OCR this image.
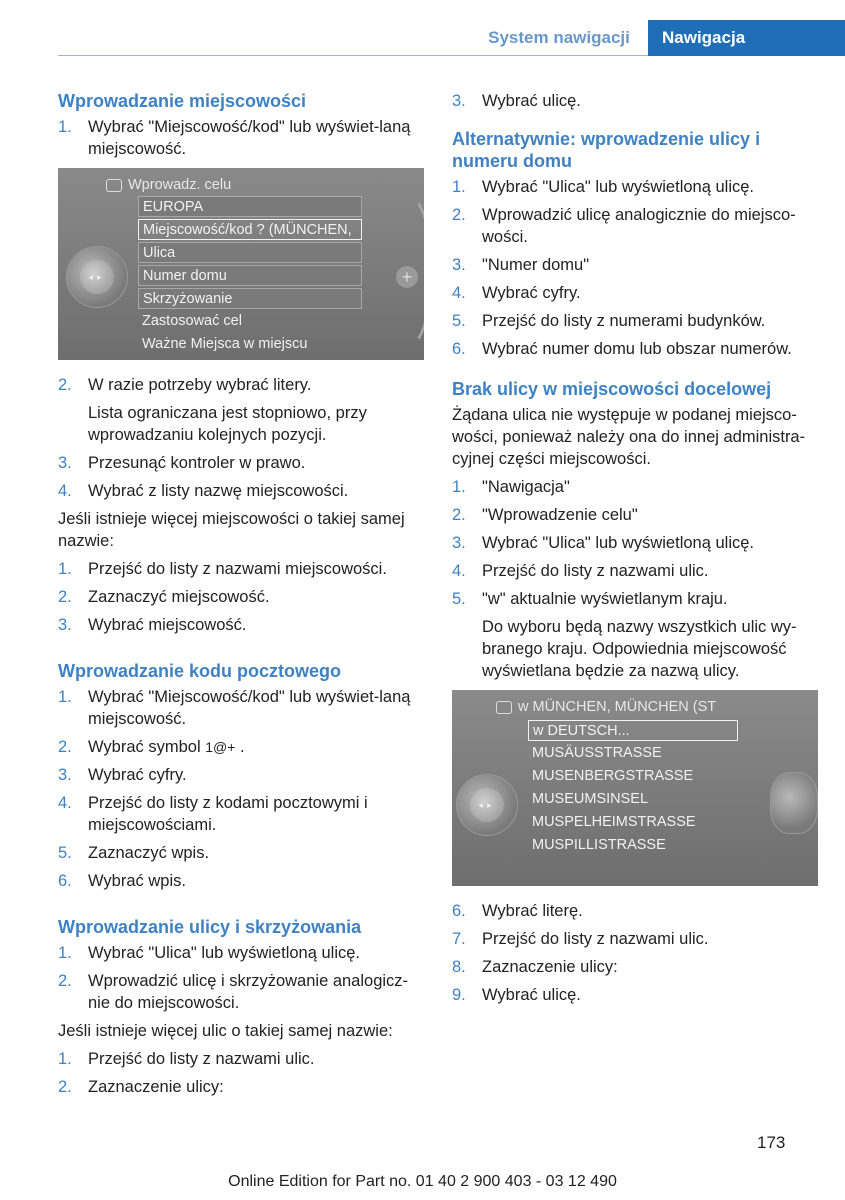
System nawigacji	Nawigacja
Wprowadzanie miejscowości
1. Wybrać "Miejscowość/kod" lub wyświet-laną miejscowość.
Wprowadz. celu
◂▸	+
EUROPA
Miejscowość/kod ? (MÜNCHEN,
Ulica
Numer domu
Skrzyżowanie
Zastosować cel
Ważne Miejsca w miejscu
2. W razie potrzeby wybrać litery.

Lista ograniczana jest stopniowo, przy wprowadzaniu kolejnych pozycji.

3. Przesunąć kontroler w prawo.
4. Wybrać z listy nazwę miejscowości.

Jeśli istnieje więcej miejscowości o takiej samej nazwie:

1. Przejść do listy z nazwami miejscowości.
2. Zaznaczyć miejscowość.
3. Wybrać miejscowość.
Wprowadzanie kodu pocztowego
1. Wybrać "Miejscowość/kod" lub wyświet-laną miejscowość.
2. Wybrać symbol 1@+ .
3. Wybrać cyfry.
4. Przejść do listy z kodami pocztowymi i miejscowościami.
5. Zaznaczyć wpis.
6. Wybrać wpis.
Wprowadzanie ulicy i skrzyżowania
1. Wybrać "Ulica" lub wyświetloną ulicę.
2. Wprowadzić ulicę i skrzyżowanie analogicz-nie do miejscowości.

Jeśli istnieje więcej ulic o takiej samej nazwie:

1. Przejść do listy z nazwami ulic.
2. Zaznaczenie ulicy:
3. Wybrać ulicę.
Alternatywnie: wprowadzenie ulicy i numeru domu
1. Wybrać "Ulica" lub wyświetloną ulicę.
2. Wprowadzić ulicę analogicznie do miejsco-wości.
3. "Numer domu"
4. Wybrać cyfry.
5. Przejść do listy z numerami budynków.
6. Wybrać numer domu lub obszar numerów.
Brak ulicy w miejscowości docelowej

Żądana ulica nie występuje w podanej miejsco-wości, ponieważ należy ona do innej administra-cyjnej części miejscowości.

1. "Nawigacja"
2. "Wprowadzenie celu"
3. Wybrać "Ulica" lub wyświetloną ulicę.
4. Przejść do listy z nazwami ulic.
5. "w" aktualnie wyświetlanym kraju.

Do wyboru będą nazwy wszystkich ulic wy-branego kraju. Odpowiednia miejscowość wyświetlana będzie za nazwą ulicy.

w MÜNCHEN, MÜNCHEN (ST
◂▸
w DEUTSCH...
MUSÄUSSTRASSE
MUSENBERGSTRASSE
MUSEUMSINSEL
MUSPELHEIMSTRASSE
MUSPILLISTRASSE
6. Wybrać literę.
7. Przejść do listy z nazwami ulic.
8. Zaznaczenie ulicy:
9. Wybrać ulicę.
173
Online Edition for Part no. 01 40 2 900 403 - 03 12 490
